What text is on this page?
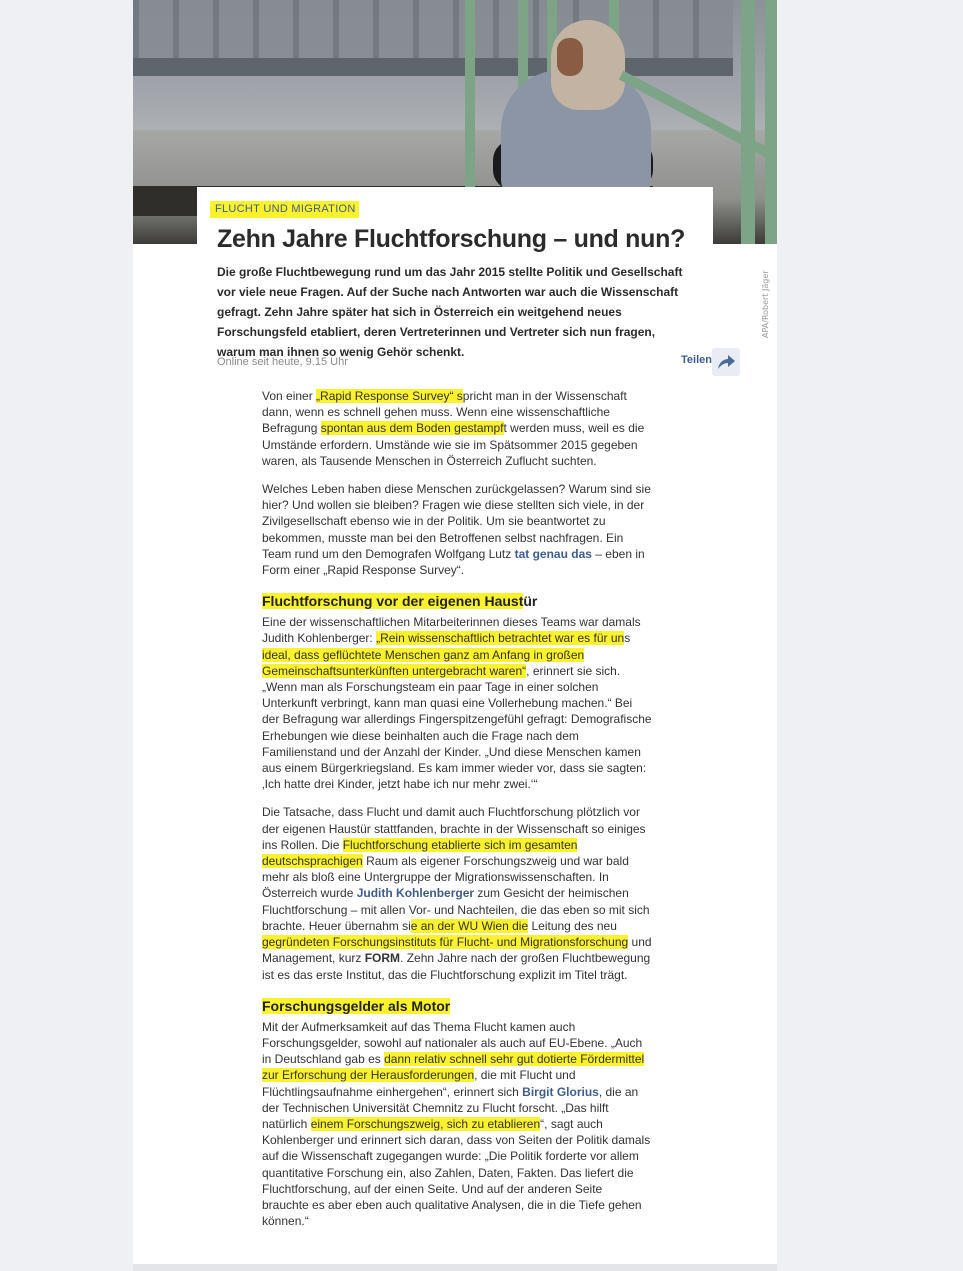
APA/Robert Jäger
FLUCHT UND MIGRATION
Zehn Jahre Fluchtforschung – und nun?

Die große Fluchtbewegung rund um das Jahr 2015 stellte Politik und Gesellschaft vor viele neue Fragen. Auf der Suche nach Antworten war auch die Wissenschaft gefragt. Zehn Jahre später hat sich in Österreich ein weitgehend neues Forschungsfeld etabliert, deren Vertreterinnen und Vertreter sich nun fragen, warum man ihnen so wenig Gehör schenkt.

Online seit heute, 9.15 Uhr	Teilen

Von einer „Rapid Response Survey“ spricht man in der Wissenschaft dann, wenn es schnell gehen muss. Wenn eine wissenschaftliche Befragung spontan aus dem Boden gestampft werden muss, weil es die Umstände erfordern. Umstände wie sie im Spätsommer 2015 gegeben waren, als Tausende Menschen in Österreich Zuflucht suchten.

Welches Leben haben diese Menschen zurückgelassen? Warum sind sie hier? Und wollen sie bleiben? Fragen wie diese stellten sich viele, in der Zivilgesellschaft ebenso wie in der Politik. Um sie beantwortet zu bekommen, musste man bei den Betroffenen selbst nachfragen. Ein Team rund um den Demografen Wolfgang Lutz tat genau das – eben in Form einer „Rapid Response Survey“.

Fluchtforschung vor der eigenen Haustür

Eine der wissenschaftlichen Mitarbeiterinnen dieses Teams war damals Judith Kohlenberger: „Rein wissenschaftlich betrachtet war es für uns ideal, dass geflüchtete Menschen ganz am Anfang in großen Gemeinschaftsunterkünften untergebracht waren“, erinnert sie sich. „Wenn man als Forschungsteam ein paar Tage in einer solchen Unterkunft verbringt, kann man quasi eine Vollerhebung machen.“ Bei der Befragung war allerdings Fingerspitzengefühl gefragt: Demografische Erhebungen wie diese beinhalten auch die Frage nach dem Familienstand und der Anzahl der Kinder. „Und diese Menschen kamen aus einem Bürgerkriegsland. Es kam immer wieder vor, dass sie sagten: ‚Ich hatte drei Kinder, jetzt habe ich nur mehr zwei.‘“

Die Tatsache, dass Flucht und damit auch Fluchtforschung plötzlich vor der eigenen Haustür stattfanden, brachte in der Wissenschaft so einiges ins Rollen. Die Fluchtforschung etablierte sich im gesamten deutschsprachigen Raum als eigener Forschungszweig und war bald mehr als bloß eine Untergruppe der Migrationswissenschaften. In Österreich wurde Judith Kohlenberger zum Gesicht der heimischen Fluchtforschung – mit allen Vor- und Nachteilen, die das eben so mit sich brachte. Heuer übernahm sie an der WU Wien die Leitung des neu gegründeten Forschungsinstituts für Flucht- und Migrationsforschung und Management, kurz FORM. Zehn Jahre nach der großen Fluchtbewegung ist es das erste Institut, das die Fluchtforschung explizit im Titel trägt.

Forschungsgelder als Motor

Mit der Aufmerksamkeit auf das Thema Flucht kamen auch Forschungsgelder, sowohl auf nationaler als auch auf EU-Ebene. „Auch in Deutschland gab es dann relativ schnell sehr gut dotierte Fördermittel zur Erforschung der Herausforderungen, die mit Flucht und Flüchtlingsaufnahme einhergehen“, erinnert sich Birgit Glorius, die an der Technischen Universität Chemnitz zu Flucht forscht. „Das hilft natürlich einem Forschungszweig, sich zu etablieren“, sagt auch Kohlenberger und erinnert sich daran, dass von Seiten der Politik damals auf die Wissenschaft zugegangen wurde: „Die Politik forderte vor allem quantitative Forschung ein, also Zahlen, Daten, Fakten. Das liefert die Fluchtforschung, auf der einen Seite. Und auf der anderen Seite brauchte es aber eben auch qualitative Analysen, die in die Tiefe gehen können.“
